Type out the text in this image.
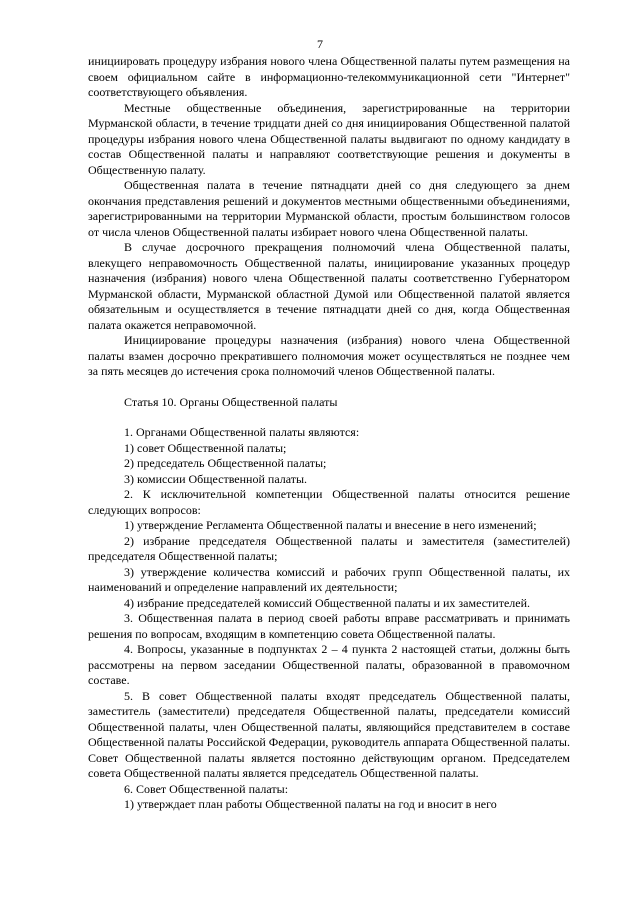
7

инициировать процедуру избрания нового члена Общественной палаты путем размещения на своем официальном сайте в информационно-телекоммуникационной сети "Интернет" соответствующего объявления.

Местные общественные объединения, зарегистрированные на территории Мурманской области, в течение тридцати дней со дня инициирования Общественной палатой процедуры избрания нового члена Общественной палаты выдвигают по одному кандидату в состав Общественной палаты и направляют соответствующие решения и документы в Общественную палату.

Общественная палата в течение пятнадцати дней со дня следующего за днем окончания представления решений и документов местными общественными объединениями, зарегистрированными на территории Мурманской области, простым большинством голосов от числа членов Общественной палаты избирает нового члена Общественной палаты.

В случае досрочного прекращения полномочий члена Общественной палаты, влекущего неправомочность Общественной палаты, инициирование указанных процедур назначения (избрания) нового члена Общественной палаты соответственно Губернатором Мурманской области, Мурманской областной Думой или Общественной палатой является обязательным и осуществляется в течение пятнадцати дней со дня, когда Общественная палата окажется неправомочной.

Инициирование процедуры назначения (избрания) нового члена Общественной палаты взамен досрочно прекратившего полномочия может осуществляться не позднее чем за пять месяцев до истечения срока полномочий членов Общественной палаты.

Статья 10. Органы Общественной палаты

1. Органами Общественной палаты являются:

1) совет Общественной палаты;

2) председатель Общественной палаты;

3) комиссии Общественной палаты.

2. К исключительной компетенции Общественной палаты относится решение следующих вопросов:

1) утверждение Регламента Общественной палаты и внесение в него изменений;

2) избрание председателя Общественной палаты и заместителя (заместителей) председателя Общественной палаты;

3) утверждение количества комиссий и рабочих групп Общественной палаты, их наименований и определение направлений их деятельности;

4) избрание председателей комиссий Общественной палаты и их заместителей.

3. Общественная палата в период своей работы вправе рассматривать и принимать решения по вопросам, входящим в компетенцию совета Общественной палаты.

4. Вопросы, указанные в подпунктах 2 – 4 пункта 2 настоящей статьи, должны быть рассмотрены на первом заседании Общественной палаты, образованной в правомочном составе.

5. В совет Общественной палаты входят председатель Общественной палаты, заместитель (заместители) председателя Общественной палаты, председатели комиссий Общественной палаты, член Общественной палаты, являющийся представителем в составе Общественной палаты Российской Федерации, руководитель аппарата Общественной палаты. Совет Общественной палаты является постоянно действующим органом. Председателем совета Общественной палаты является председатель Общественной палаты.

6. Совет Общественной палаты:

1) утверждает план работы Общественной палаты на год и вносит в него
